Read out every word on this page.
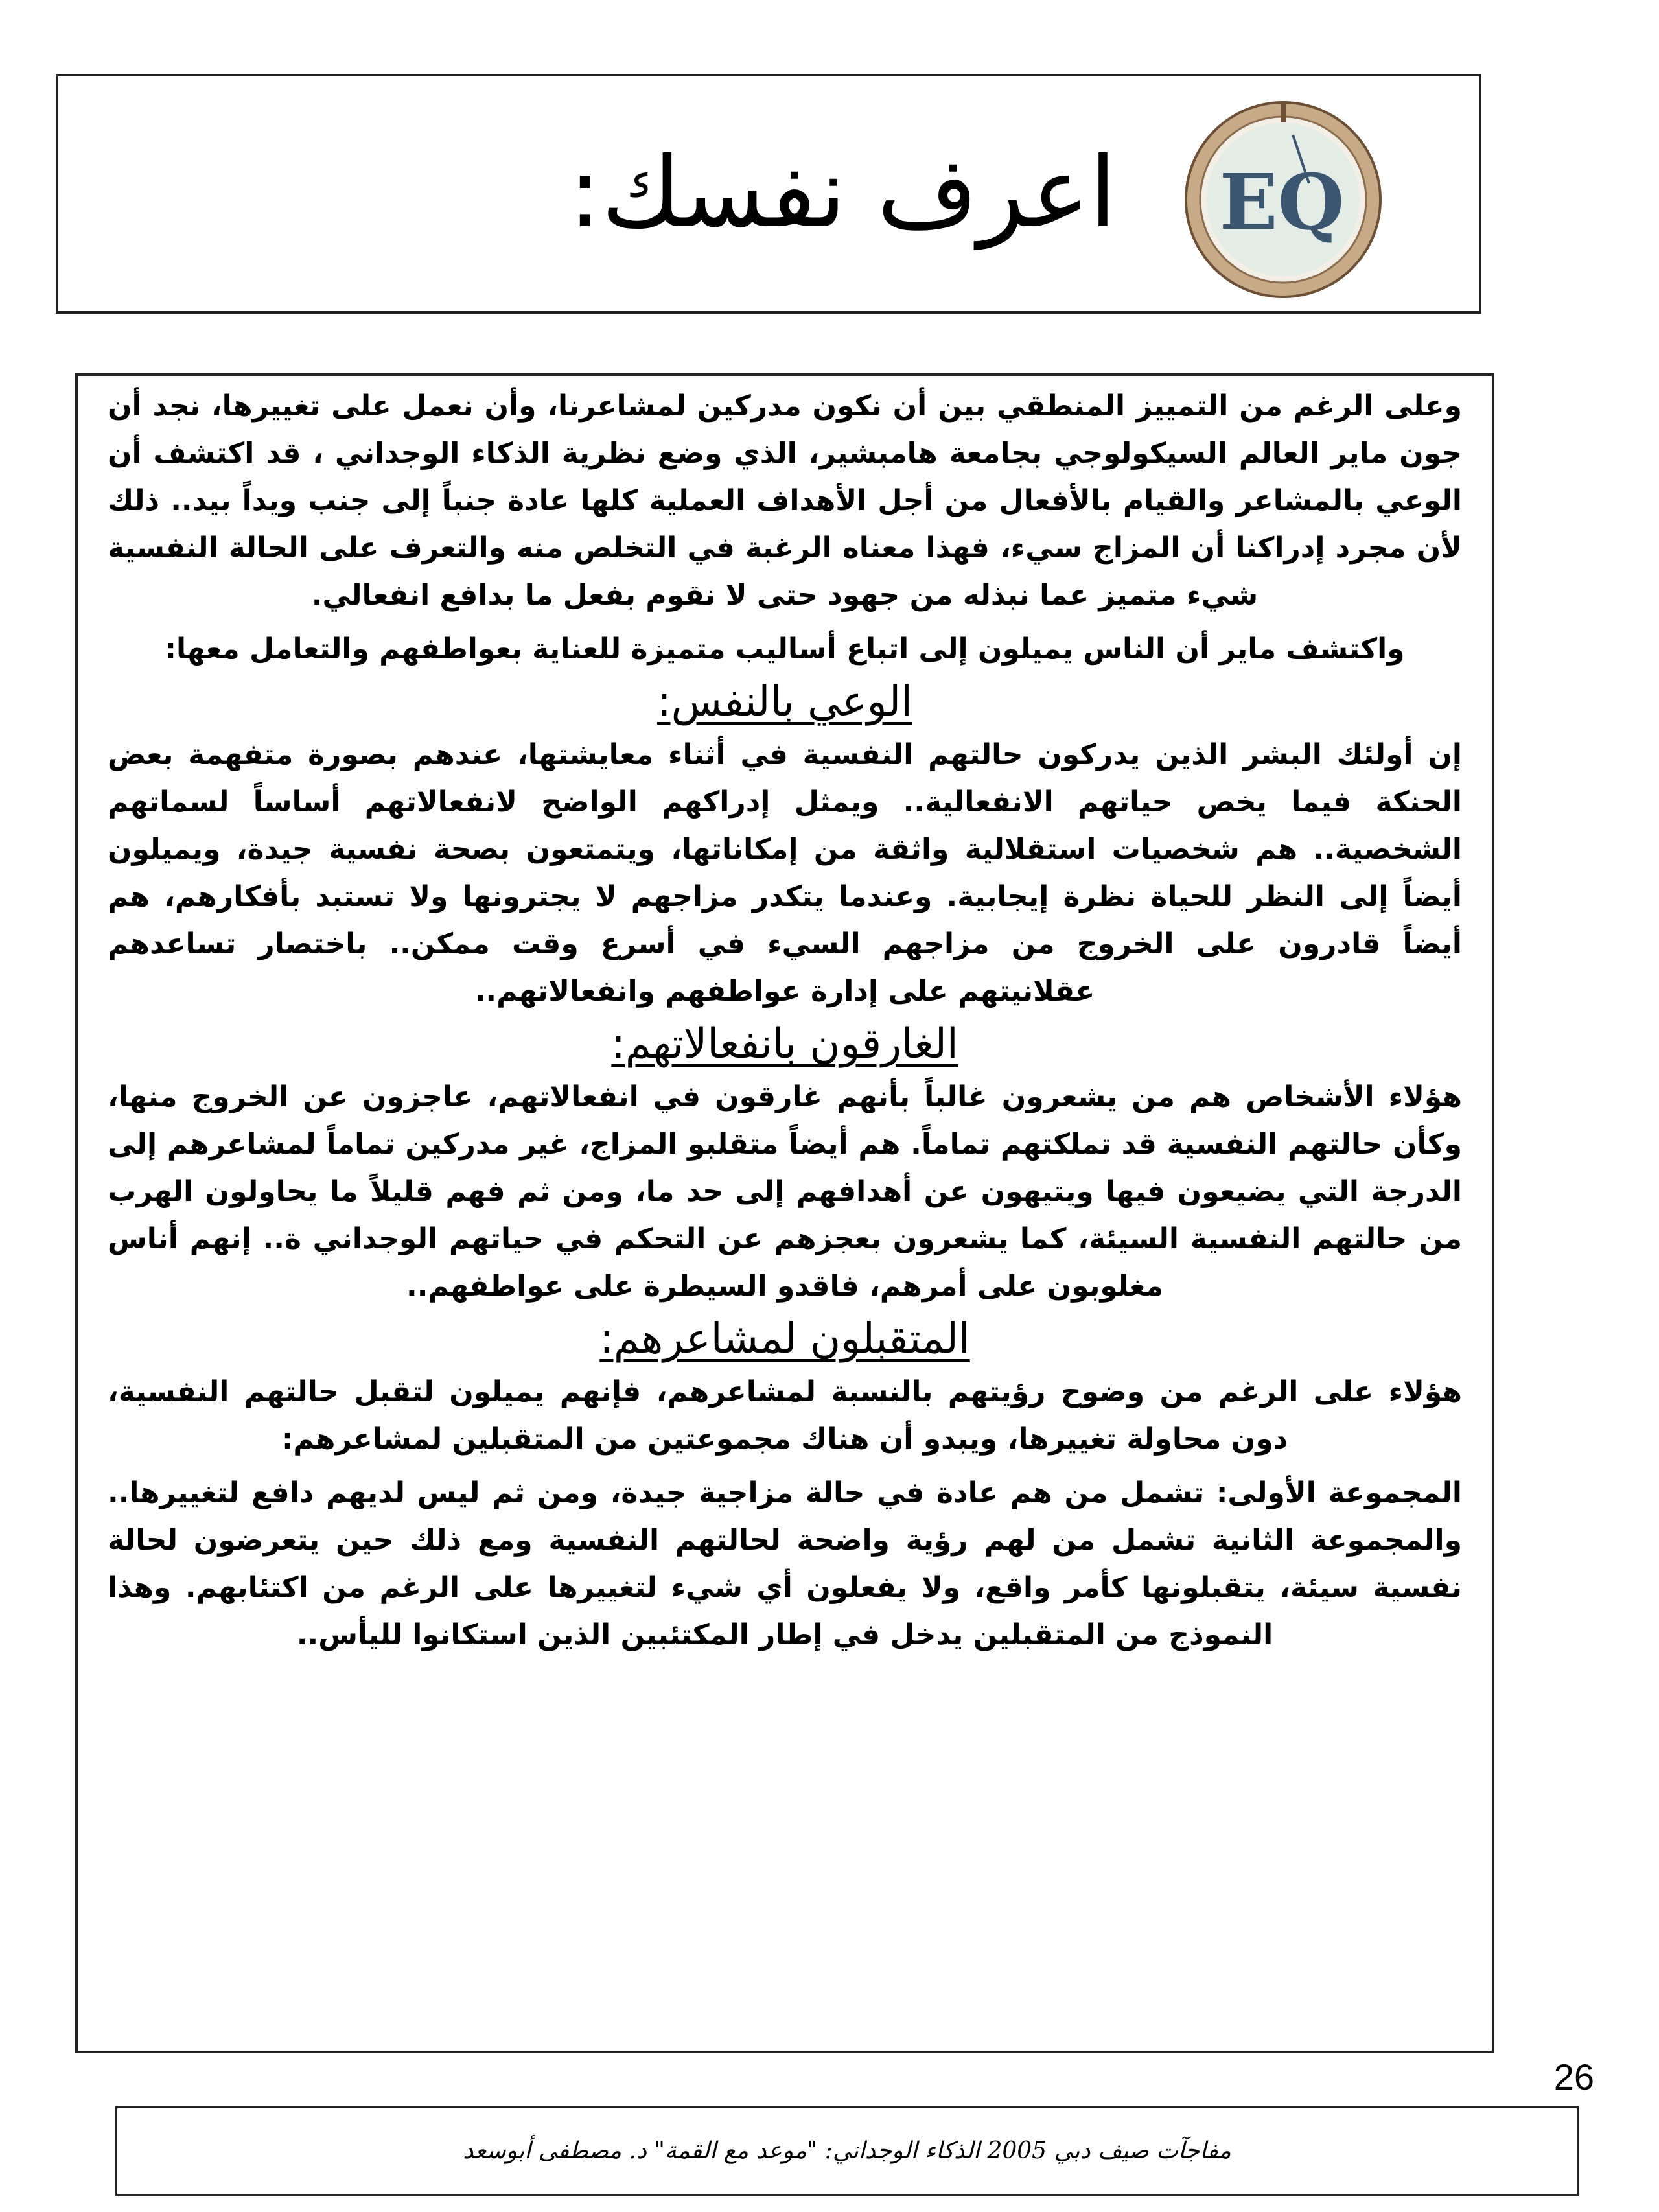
اعرف نفسك: EQ

وعلى الرغم من التمييز المنطقي بين أن نكون مدركين لمشاعرنا، وأن نعمل على تغييرها، نجد أن جون ماير العالم السيكولوجي بجامعة هامبشير، الذي وضع نظرية الذكاء الوجداني ، قد اكتشف أن الوعي بالمشاعر والقيام بالأفعال من أجل الأهداف العملية كلها عادة جنباً إلى جنب ويداً بيد.. ذلك لأن مجرد إدراكنا أن المزاج سيء، فهذا معناه الرغبة في التخلص منه والتعرف على الحالة النفسية شيء متميز عما نبذله من جهود حتى لا نقوم بفعل ما بدافع انفعالي.

واكتشف ماير أن الناس يميلون إلى اتباع أساليب متميزة للعناية بعواطفهم والتعامل معها:

الوعي بالنفس:

إن أولئك البشر الذين يدركون حالتهم النفسية في أثناء معايشتها، عندهم بصورة متفهمة بعض الحنكة فيما يخص حياتهم الانفعالية.. ويمثل إدراكهم الواضح لانفعالاتهم أساساً لسماتهم الشخصية.. هم شخصيات استقلالية واثقة من إمكاناتها، ويتمتعون بصحة نفسية جيدة، ويميلون أيضاً إلى النظر للحياة نظرة إيجابية. وعندما يتكدر مزاجهم لا يجترونها ولا تستبد بأفكارهم، هم أيضاً قادرون على الخروج من مزاجهم السيء في أسرع وقت ممكن.. باختصار تساعدهم عقلانيتهم على إدارة عواطفهم وانفعالاتهم..

الغارقون بانفعالاتهم:

هؤلاء الأشخاص هم من يشعرون غالباً بأنهم غارقون في انفعالاتهم، عاجزون عن الخروج منها، وكأن حالتهم النفسية قد تملكتهم تماماً. هم أيضاً متقلبو المزاج، غير مدركين تماماً لمشاعرهم إلى الدرجة التي يضيعون فيها ويتيهون عن أهدافهم إلى حد ما، ومن ثم فهم قليلاً ما يحاولون الهرب من حالتهم النفسية السيئة، كما يشعرون بعجزهم عن التحكم في حياتهم الوجداني ة.. إنهم أناس مغلوبون على أمرهم، فاقدو السيطرة على عواطفهم..

المتقبلون لمشاعرهم:

هؤلاء على الرغم من وضوح رؤيتهم بالنسبة لمشاعرهم، فإنهم يميلون لتقبل حالتهم النفسية، دون محاولة تغييرها، ويبدو أن هناك مجموعتين من المتقبلين لمشاعرهم:

المجموعة الأولى: تشمل من هم عادة في حالة مزاجية جيدة، ومن ثم ليس لديهم دافع لتغييرها.. والمجموعة الثانية تشمل من لهم رؤية واضحة لحالتهم النفسية ومع ذلك حين يتعرضون لحالة نفسية سيئة، يتقبلونها كأمر واقع، ولا يفعلون أي شيء لتغييرها على الرغم من اكتئابهم. وهذا النموذج من المتقبلين يدخل في إطار المكتئبين الذين استكانوا لليأس..

26
مفاجآت صيف دبي 2005 الذكاء الوجداني: "موعد مع القمة" د. مصطفى أبوسعد
